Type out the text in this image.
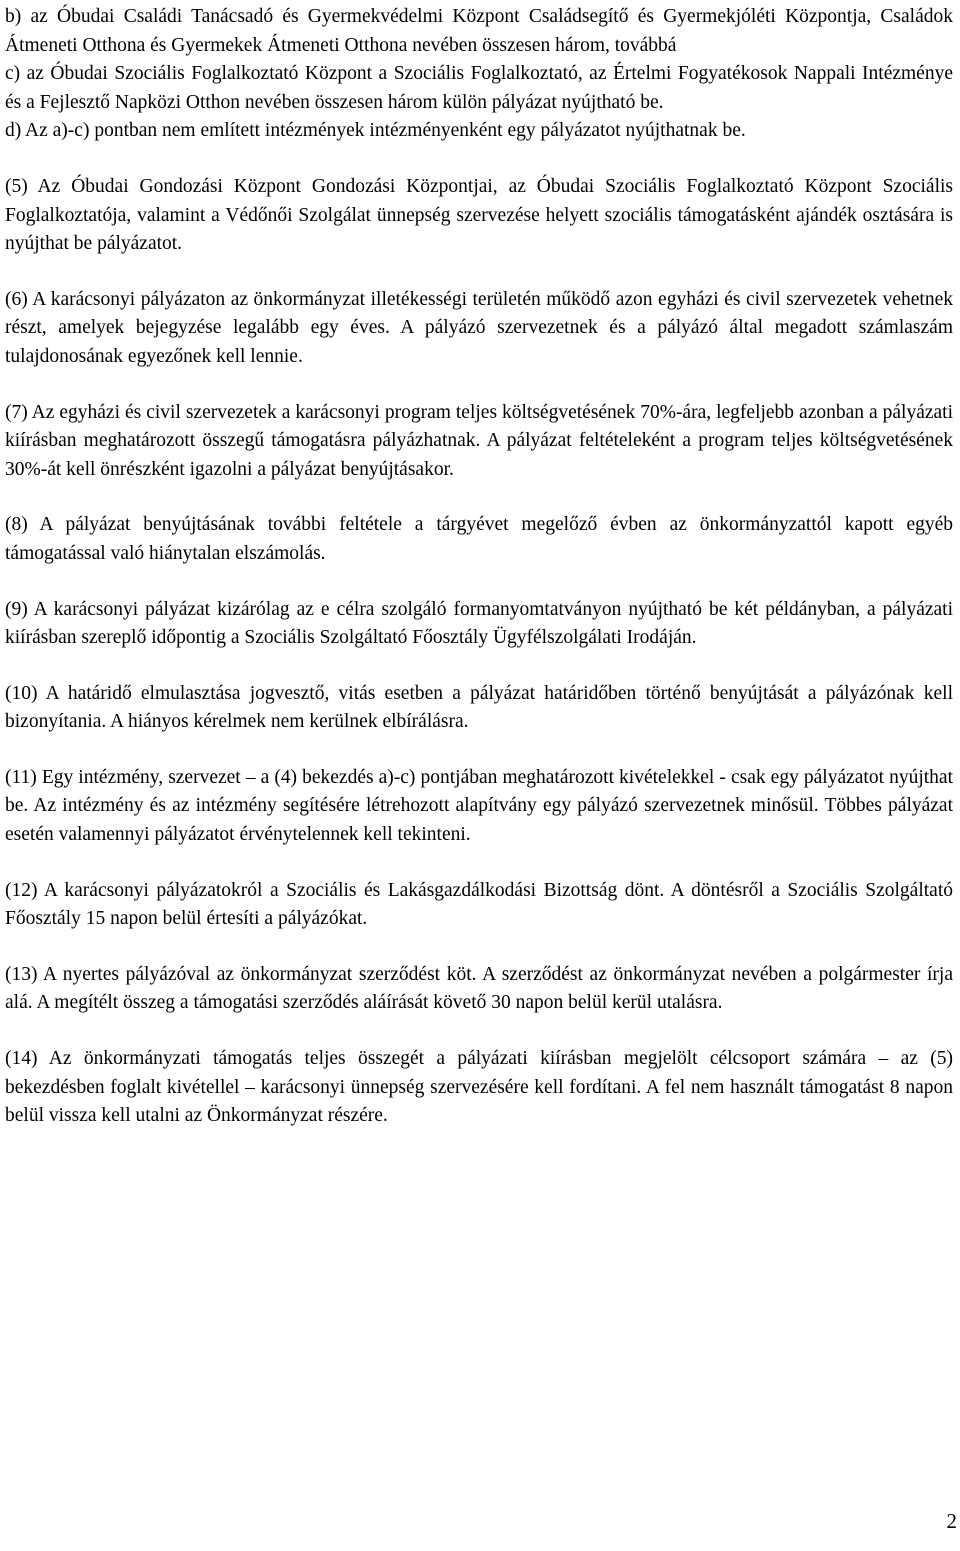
b) az Óbudai Családi Tanácsadó és Gyermekvédelmi Központ Családsegítő és Gyermekjóléti Központja, Családok Átmeneti Otthona és Gyermekek Átmeneti Otthona nevében összesen három, továbbá

c) az Óbudai Szociális Foglalkoztató Központ a Szociális Foglalkoztató, az Értelmi Fogyatékosok Nappali Intézménye és a Fejlesztő Napközi Otthon nevében összesen három külön pályázat nyújtható be.

d) Az a)-c) pontban nem említett intézmények intézményenként egy pályázatot nyújthatnak be.

(5) Az Óbudai Gondozási Központ Gondozási Központjai, az Óbudai Szociális Foglalkoztató Központ Szociális Foglalkoztatója, valamint a Védőnői Szolgálat ünnepség szervezése helyett szociális támogatásként ajándék osztására is nyújthat be pályázatot.

(6) A karácsonyi pályázaton az önkormányzat illetékességi területén működő azon egyházi és civil szervezetek vehetnek részt, amelyek bejegyzése legalább egy éves. A pályázó szervezetnek és a pályázó által megadott számlaszám tulajdonosának egyezőnek kell lennie.

(7) Az egyházi és civil szervezetek a karácsonyi program teljes költségvetésének 70%-ára, legfeljebb azonban a pályázati kiírásban meghatározott összegű támogatásra pályázhatnak. A pályázat feltételeként a program teljes költségvetésének 30%-át kell önrészként igazolni a pályázat benyújtásakor.

(8) A pályázat benyújtásának további feltétele a tárgyévet megelőző évben az önkormányzattól kapott egyéb támogatással való hiánytalan elszámolás.

(9) A karácsonyi pályázat kizárólag az e célra szolgáló formanyomtatványon nyújtható be két példányban, a pályázati kiírásban szereplő időpontig a Szociális Szolgáltató Főosztály Ügyfélszolgálati Irodáján.

(10) A határidő elmulasztása jogvesztő, vitás esetben a pályázat határidőben történő benyújtását a pályázónak kell bizonyítania. A hiányos kérelmek nem kerülnek elbírálásra.

(11) Egy intézmény, szervezet – a (4) bekezdés a)-c) pontjában meghatározott kivételekkel - csak egy pályázatot nyújthat be. Az intézmény és az intézmény segítésére létrehozott alapítvány egy pályázó szervezetnek minősül. Többes pályázat esetén valamennyi pályázatot érvénytelennek kell tekinteni.

(12) A karácsonyi pályázatokról a Szociális és Lakásgazdálkodási Bizottság dönt. A döntésről a Szociális Szolgáltató Főosztály 15 napon belül értesíti a pályázókat.

(13) A nyertes pályázóval az önkormányzat szerződést köt. A szerződést az önkormányzat nevében a polgármester írja alá. A megítélt összeg a támogatási szerződés aláírását követő 30 napon belül kerül utalásra.

(14) Az önkormányzati támogatás teljes összegét a pályázati kiírásban megjelölt célcsoport számára – az (5) bekezdésben foglalt kivétellel – karácsonyi ünnepség szervezésére kell fordítani. A fel nem használt támogatást 8 napon belül vissza kell utalni az Önkormányzat részére.

2
